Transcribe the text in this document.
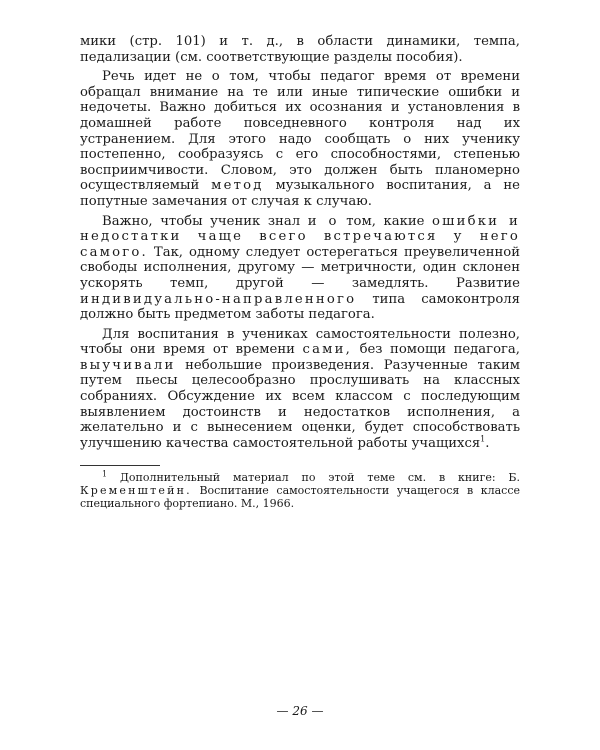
мики (стр. 101) и т. д., в области динамики, темпа, педализации (см. соответствующие разделы пособия).

Речь идет не о том, чтобы педагог время от времени обращал внимание на те или иные типические ошибки и недочеты. Важно добиться их осознания и установления в домашней работе повседневного контроля над их устранением. Для этого надо сообщать о них ученику постепенно, сообразуясь с его способностями, степенью восприимчивости. Словом, это должен быть планомерно осуществляемый метод музыкального воспитания, а не попутные замечания от случая к случаю.

Важно, чтобы ученик знал и о том, какие ошибки и недостатки чаще всего встречаются у него самого. Так, одному следует остерегаться преувеличенной свободы исполнения, другому — метричности, один склонен ускорять темп, другой — замедлять. Развитие индивидуально-направленного типа самоконтроля должно быть предметом заботы педагога.

Для воспитания в учениках самостоятельности полезно, чтобы они время от времени сами, без помощи педагога, выучивали небольшие произведения. Разученные таким путем пьесы целесообразно прослушивать на классных собраниях. Обсуждение их всем классом с последующим выявлением достоинств и недостатков исполнения, а желательно и с вынесением оценки, будет способствовать улучшению качества самостоятельной работы учащихся$^1$.

$^1$ Дополнительный материал по этой теме см. в книге: Б. Кременштейн. Воспитание самостоятельности учащегося в классе специального фортепиано. М., 1966.

— 26 —
